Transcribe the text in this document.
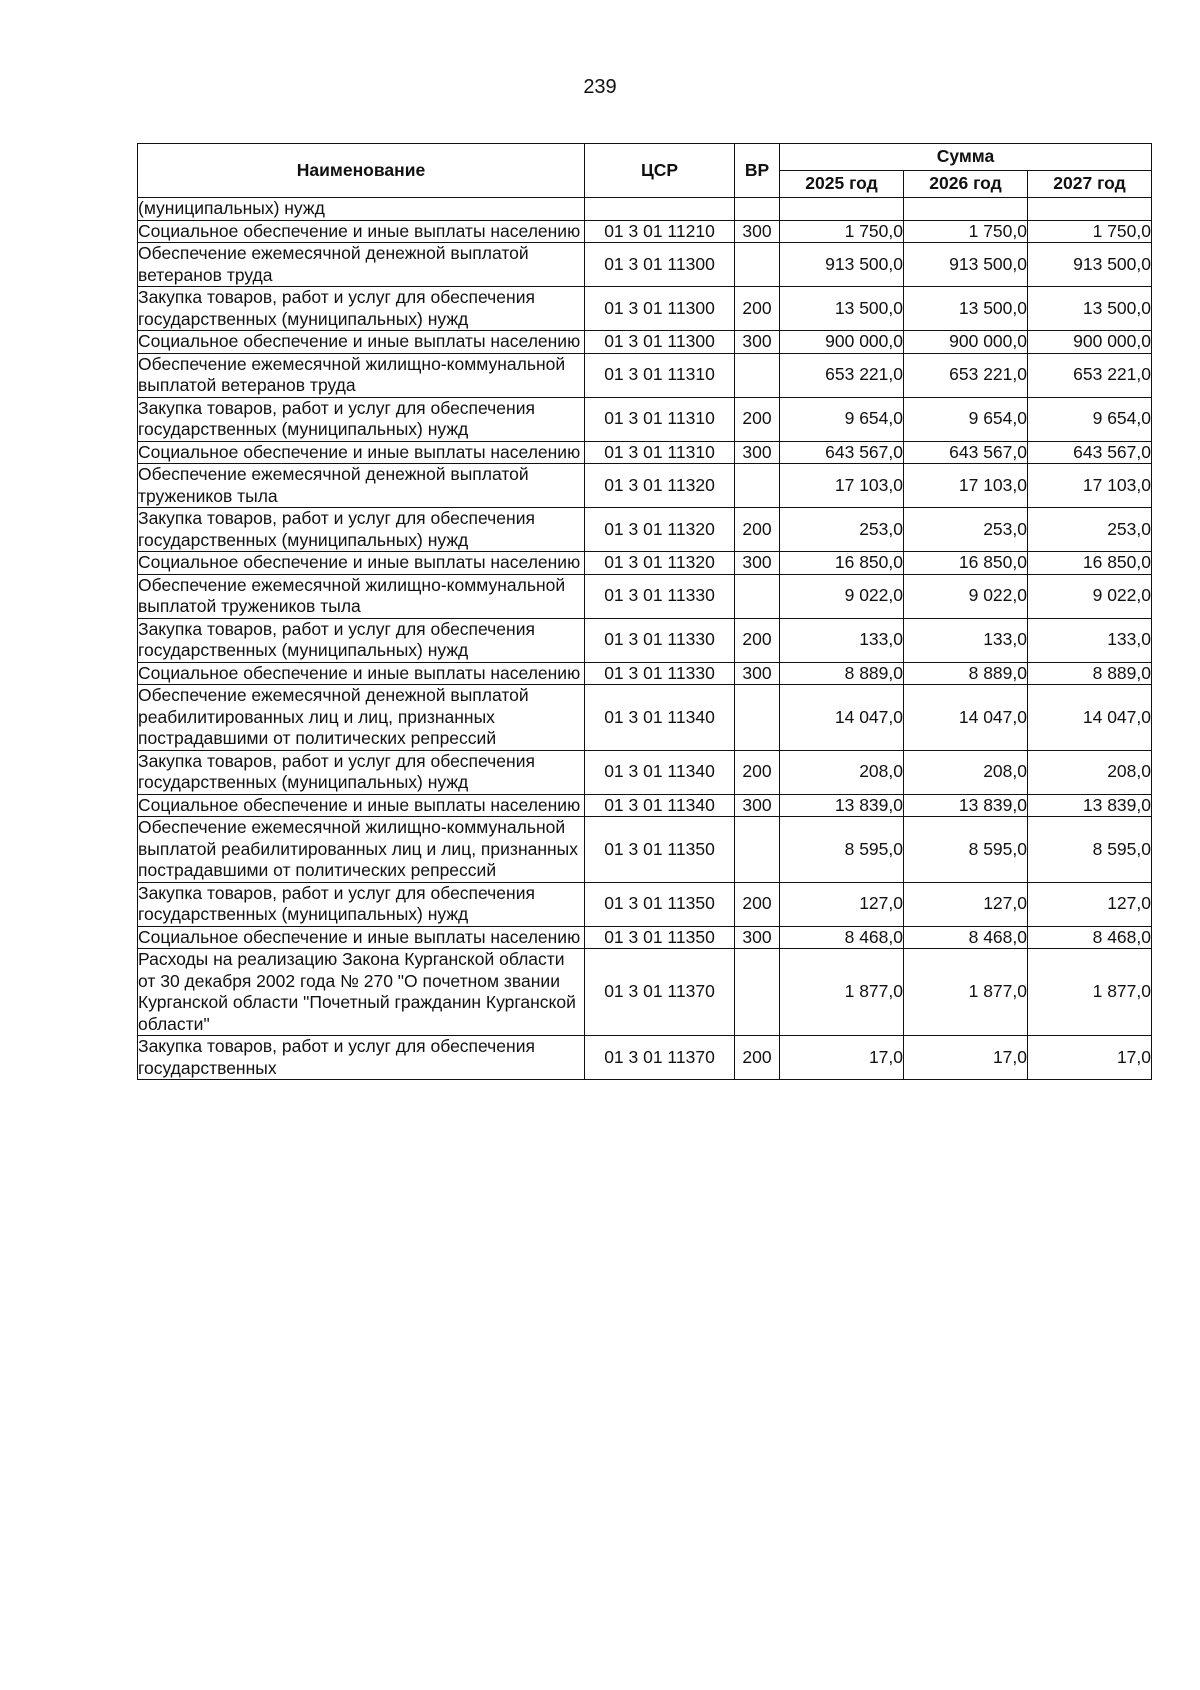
239
Наименование	ЦСР	ВР	Сумма		
			2025 год	2026 год	2027 год
(муниципальных) нужд					
Социальное обеспечение и иные выплаты населению	01 3 01 11210	300	1 750,0	1 750,0	1 750,0
Обеспечение ежемесячной денежной выплатой ветеранов труда	01 3 01 11300		913 500,0	913 500,0	913 500,0
Закупка товаров, работ и услуг для обеспечения государственных (муниципальных) нужд	01 3 01 11300	200	13 500,0	13 500,0	13 500,0
Социальное обеспечение и иные выплаты населению	01 3 01 11300	300	900 000,0	900 000,0	900 000,0
Обеспечение ежемесячной жилищно-коммунальной выплатой ветеранов труда	01 3 01 11310		653 221,0	653 221,0	653 221,0
Закупка товаров, работ и услуг для обеспечения государственных (муниципальных) нужд	01 3 01 11310	200	9 654,0	9 654,0	9 654,0
Социальное обеспечение и иные выплаты населению	01 3 01 11310	300	643 567,0	643 567,0	643 567,0
Обеспечение ежемесячной денежной выплатой тружеников тыла	01 3 01 11320		17 103,0	17 103,0	17 103,0
Закупка товаров, работ и услуг для обеспечения государственных (муниципальных) нужд	01 3 01 11320	200	253,0	253,0	253,0
Социальное обеспечение и иные выплаты населению	01 3 01 11320	300	16 850,0	16 850,0	16 850,0
Обеспечение ежемесячной жилищно-коммунальной выплатой тружеников тыла	01 3 01 11330		9 022,0	9 022,0	9 022,0
Закупка товаров, работ и услуг для обеспечения государственных (муниципальных) нужд	01 3 01 11330	200	133,0	133,0	133,0
Социальное обеспечение и иные выплаты населению	01 3 01 11330	300	8 889,0	8 889,0	8 889,0
Обеспечение ежемесячной денежной выплатой реабилитированных лиц и лиц, признанных пострадавшими от политических репрессий	01 3 01 11340		14 047,0	14 047,0	14 047,0
Закупка товаров, работ и услуг для обеспечения государственных (муниципальных) нужд	01 3 01 11340	200	208,0	208,0	208,0
Социальное обеспечение и иные выплаты населению	01 3 01 11340	300	13 839,0	13 839,0	13 839,0
Обеспечение ежемесячной жилищно-коммунальной выплатой реабилитированных лиц и лиц, признанных пострадавшими от политических репрессий	01 3 01 11350		8 595,0	8 595,0	8 595,0
Закупка товаров, работ и услуг для обеспечения государственных (муниципальных) нужд	01 3 01 11350	200	127,0	127,0	127,0
Социальное обеспечение и иные выплаты населению	01 3 01 11350	300	8 468,0	8 468,0	8 468,0
Расходы на реализацию Закона Курганской области от 30 декабря 2002 года № 270 "О почетном звании Курганской области "Почетный гражданин Курганской области"	01 3 01 11370		1 877,0	1 877,0	1 877,0
Закупка товаров, работ и услуг для обеспечения государственных	01 3 01 11370	200	17,0	17,0	17,0
